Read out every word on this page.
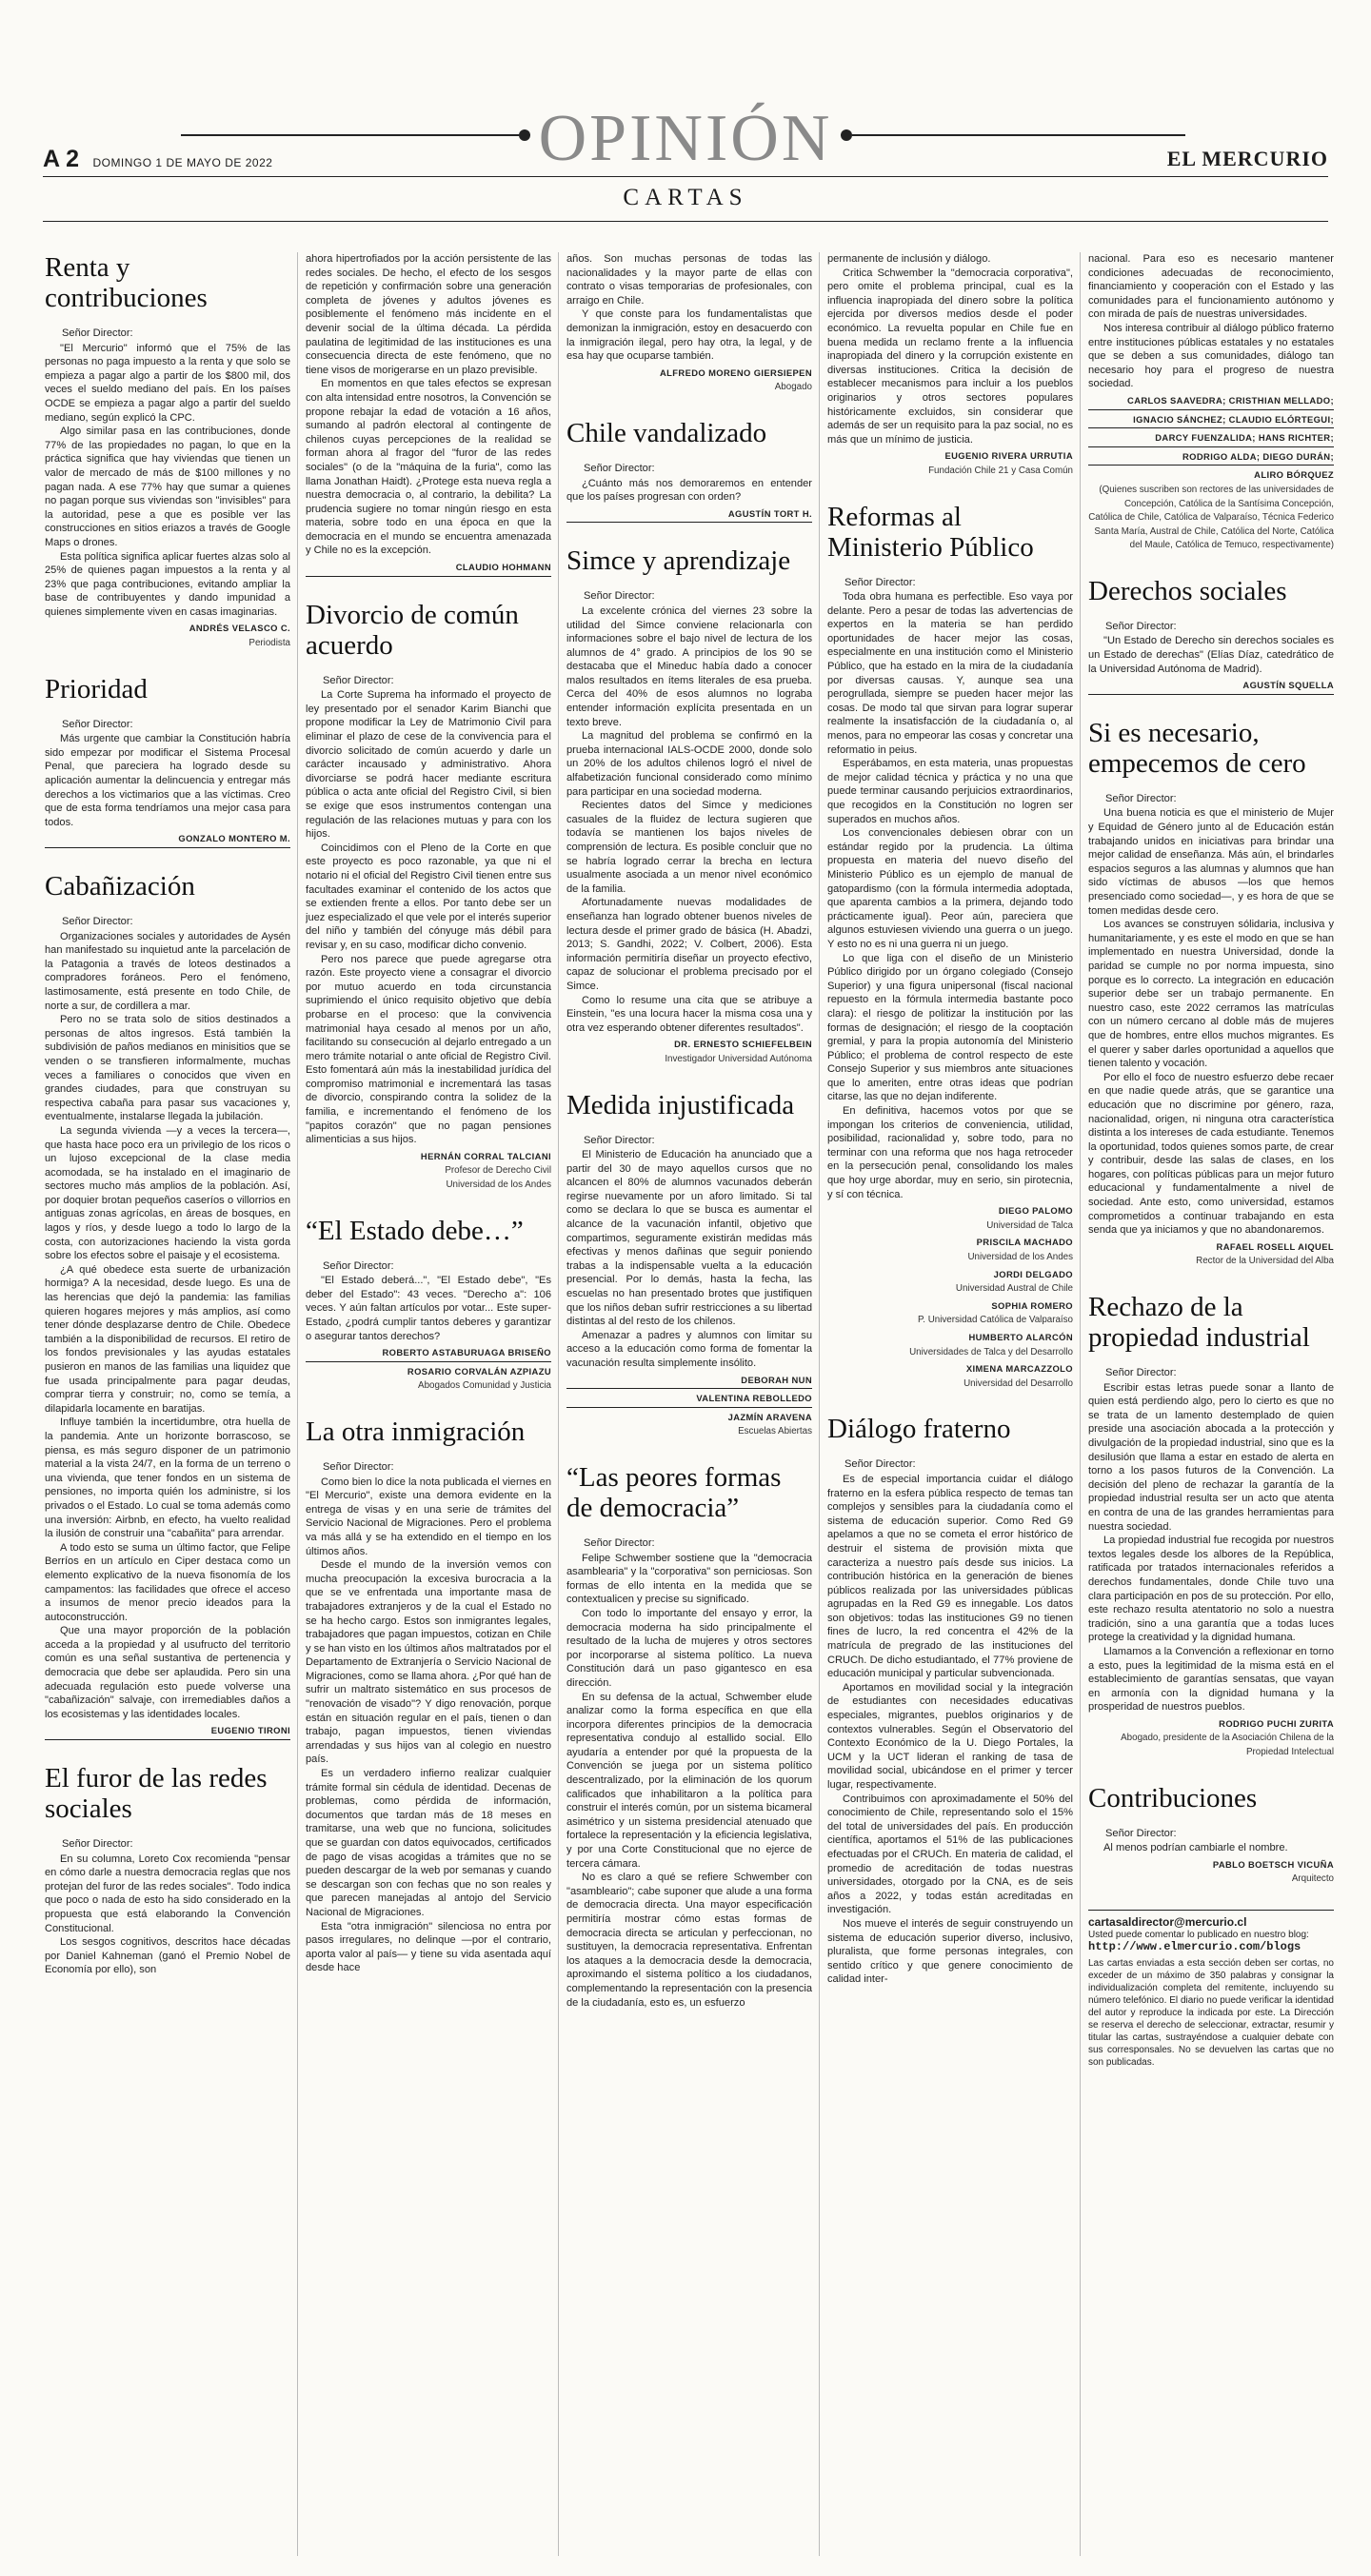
A 2 DOMINGO 1 DE MAYO DE 2022	OPINIÓN	EL MERCURIO
CARTAS
Renta y contribuciones

Señor Director:

"El Mercurio" informó que el 75% de las personas no paga impuesto a la renta y que solo se empieza a pagar algo a partir de los $800 mil, dos veces el sueldo mediano del país. En los países OCDE se empieza a pagar algo a partir del sueldo mediano, según explicó la CPC.

Algo similar pasa en las contribuciones, donde 77% de las propiedades no pagan, lo que en la práctica significa que hay viviendas que tienen un valor de mercado de más de $100 millones y no pagan nada. A ese 77% hay que sumar a quienes no pagan porque sus viviendas son "invisibles" para la autoridad, pese a que es posible ver las construcciones en sitios eriazos a través de Google Maps o drones.

Esta política significa aplicar fuertes alzas solo al 25% de quienes pagan impuestos a la renta y al 23% que paga contribuciones, evitando ampliar la base de contribuyentes y dando impunidad a quienes simplemente viven en casas imaginarias.

ANDRÉS VELASCO C.
Periodista
Prioridad

Señor Director:

Más urgente que cambiar la Constitución habría sido empezar por modificar el Sistema Procesal Penal, que pareciera ha logrado desde su aplicación aumentar la delincuencia y entregar más derechos a los victimarios que a las víctimas. Creo que de esta forma tendríamos una mejor casa para todos.

GONZALO MONTERO M.
Cabañización

Señor Director:

Organizaciones sociales y autoridades de Aysén han manifestado su inquietud ante la parcelación de la Patagonia a través de loteos destinados a compradores foráneos. Pero el fenómeno, lastimosamente, está presente en todo Chile, de norte a sur, de cordillera a mar.

Pero no se trata solo de sitios destinados a personas de altos ingresos. Está también la subdivisión de paños medianos en minisitios que se venden o se transfieren informalmente, muchas veces a familiares o conocidos que viven en grandes ciudades, para que construyan su respectiva cabaña para pasar sus vacaciones y, eventualmente, instalarse llegada la jubilación.

La segunda vivienda —y a veces la tercera—, que hasta hace poco era un privilegio de los ricos o un lujoso excepcional de la clase media acomodada, se ha instalado en el imaginario de sectores mucho más amplios de la población. Así, por doquier brotan pequeños caseríos o villorrios en antiguas zonas agrícolas, en áreas de bosques, en lagos y ríos, y desde luego a todo lo largo de la costa, con autorizaciones haciendo la vista gorda sobre los efectos sobre el paisaje y el ecosistema.

¿A qué obedece esta suerte de urbanización hormiga? A la necesidad, desde luego. Es una de las herencias que dejó la pandemia: las familias quieren hogares mejores y más amplios, así como tener dónde desplazarse dentro de Chile. Obedece también a la disponibilidad de recursos. El retiro de los fondos previsionales y las ayudas estatales pusieron en manos de las familias una liquidez que fue usada principalmente para pagar deudas, comprar tierra y construir; no, como se temía, a dilapidarla locamente en baratijas.

Influye también la incertidumbre, otra huella de la pandemia. Ante un horizonte borrascoso, se piensa, es más seguro disponer de un patrimonio material a la vista 24/7, en la forma de un terreno o una vivienda, que tener fondos en un sistema de pensiones, no importa quién los administre, si los privados o el Estado. Lo cual se toma además como una inversión: Airbnb, en efecto, ha vuelto realidad la ilusión de construir una "cabañita" para arrendar.

A todo esto se suma un último factor, que Felipe Berríos en un artículo en Ciper destaca como un elemento explicativo de la nueva fisonomía de los campamentos: las facilidades que ofrece el acceso a insumos de menor precio ideados para la autoconstrucción.

Que una mayor proporción de la población acceda a la propiedad y al usufructo del territorio común es una señal sustantiva de pertenencia y democracia que debe ser aplaudida. Pero sin una adecuada regulación esto puede volverse una "cabañización" salvaje, con irremediables daños a los ecosistemas y las identidades locales.

EUGENIO TIRONI
El furor de las redes sociales

Señor Director:

En su columna, Loreto Cox recomienda "pensar en cómo darle a nuestra democracia reglas que nos protejan del furor de las redes sociales". Todo indica que poco o nada de esto ha sido considerado en la propuesta que está elaborando la Convención Constitucional.

Los sesgos cognitivos, descritos hace décadas por Daniel Kahneman (ganó el Premio Nobel de Economía por ello), son

ahora hipertrofiados por la acción persistente de las redes sociales. De hecho, el efecto de los sesgos de repetición y confirmación sobre una generación completa de jóvenes y adultos jóvenes es posiblemente el fenómeno más incidente en el devenir social de la última década. La pérdida paulatina de legitimidad de las instituciones es una consecuencia directa de este fenómeno, que no tiene visos de morigerarse en un plazo previsible.

En momentos en que tales efectos se expresan con alta intensidad entre nosotros, la Convención se propone rebajar la edad de votación a 16 años, sumando al padrón electoral al contingente de chilenos cuyas percepciones de la realidad se forman ahora al fragor del "furor de las redes sociales" (o de la "máquina de la furia", como las llama Jonathan Haidt). ¿Protege esta nueva regla a nuestra democracia o, al contrario, la debilita? La prudencia sugiere no tomar ningún riesgo en esta materia, sobre todo en una época en que la democracia en el mundo se encuentra amenazada y Chile no es la excepción.

CLAUDIO HOHMANN
Divorcio de común acuerdo

Señor Director:

La Corte Suprema ha informado el proyecto de ley presentado por el senador Karim Bianchi que propone modificar la Ley de Matrimonio Civil para eliminar el plazo de cese de la convivencia para el divorcio solicitado de común acuerdo y darle un carácter incausado y administrativo. Ahora divorciarse se podrá hacer mediante escritura pública o acta ante oficial del Registro Civil, si bien se exige que esos instrumentos contengan una regulación de las relaciones mutuas y para con los hijos.

Coincidimos con el Pleno de la Corte en que este proyecto es poco razonable, ya que ni el notario ni el oficial del Registro Civil tienen entre sus facultades examinar el contenido de los actos que se extienden frente a ellos. Por tanto debe ser un juez especializado el que vele por el interés superior del niño y también del cónyuge más débil para revisar y, en su caso, modificar dicho convenio.

Pero nos parece que puede agregarse otra razón. Este proyecto viene a consagrar el divorcio por mutuo acuerdo en toda circunstancia suprimiendo el único requisito objetivo que debía probarse en el proceso: que la convivencia matrimonial haya cesado al menos por un año, facilitando su consecución al dejarlo entregado a un mero trámite notarial o ante oficial de Registro Civil. Esto fomentará aún más la inestabilidad jurídica del compromiso matrimonial e incrementará las tasas de divorcio, conspirando contra la solidez de la familia, e incrementando el fenómeno de los "papitos corazón" que no pagan pensiones alimenticias a sus hijos.

HERNÁN CORRAL TALCIANI
Profesor de Derecho Civil
Universidad de los Andes
“El Estado debe…”

Señor Director:

"El Estado deberá...", "El Estado debe", "Es deber del Estado": 43 veces. "Derecho a": 106 veces. Y aún faltan artículos por votar... Este super-Estado, ¿podrá cumplir tantos deberes y garantizar o asegurar tantos derechos?

ROBERTO ASTABURUAGA BRISEÑO
ROSARIO CORVALÁN AZPIAZU
Abogados Comunidad y Justicia
La otra inmigración

Señor Director:

Como bien lo dice la nota publicada el viernes en "El Mercurio", existe una demora evidente en la entrega de visas y en una serie de trámites del Servicio Nacional de Migraciones. Pero el problema va más allá y se ha extendido en el tiempo en los últimos años.

Desde el mundo de la inversión vemos con mucha preocupación la excesiva burocracia a la que se ve enfrentada una importante masa de trabajadores extranjeros y de la cual el Estado no se ha hecho cargo. Estos son inmigrantes legales, trabajadores que pagan impuestos, cotizan en Chile y se han visto en los últimos años maltratados por el Departamento de Extranjería o Servicio Nacional de Migraciones, como se llama ahora. ¿Por qué han de sufrir un maltrato sistemático en sus procesos de "renovación de visado"? Y digo renovación, porque están en situación regular en el país, tienen o dan trabajo, pagan impuestos, tienen viviendas arrendadas y sus hijos van al colegio en nuestro país.

Es un verdadero infierno realizar cualquier trámite formal sin cédula de identidad. Decenas de problemas, como pérdida de información, documentos que tardan más de 18 meses en tramitarse, una web que no funciona, solicitudes que se guardan con datos equivocados, certificados de pago de visas acogidas a trámites que no se pueden descargar de la web por semanas y cuando se descargan son con fechas que no son reales y que parecen manejadas al antojo del Servicio Nacional de Migraciones.

Esta "otra inmigración" silenciosa no entra por pasos irregulares, no delinque —por el contrario, aporta valor al país— y tiene su vida asentada aquí desde hace

años. Son muchas personas de todas las nacionalidades y la mayor parte de ellas con contrato o visas temporarias de profesionales, con arraigo en Chile.

Y que conste para los fundamentalistas que demonizan la inmigración, estoy en desacuerdo con la inmigración ilegal, pero hay otra, la legal, y de esa hay que ocuparse también.

ALFREDO MORENO GIERSIEPEN
Abogado
Chile vandalizado

Señor Director:

¿Cuánto más nos demoraremos en entender que los países progresan con orden?

AGUSTÍN TORT H.
Simce y aprendizaje

Señor Director:

La excelente crónica del viernes 23 sobre la utilidad del Simce conviene relacionarla con informaciones sobre el bajo nivel de lectura de los alumnos de 4° grado. A principios de los 90 se destacaba que el Mineduc había dado a conocer malos resultados en ítems literales de esa prueba. Cerca del 40% de esos alumnos no lograba entender información explícita presentada en un texto breve.

La magnitud del problema se confirmó en la prueba internacional IALS-OCDE 2000, donde solo un 20% de los adultos chilenos logró el nivel de alfabetización funcional considerado como mínimo para participar en una sociedad moderna.

Recientes datos del Simce y mediciones casuales de la fluidez de lectura sugieren que todavía se mantienen los bajos niveles de comprensión de lectura. Es posible concluir que no se habría logrado cerrar la brecha en lectura usualmente asociada a un menor nivel económico de la familia.

Afortunadamente nuevas modalidades de enseñanza han logrado obtener buenos niveles de lectura desde el primer grado de básica (H. Abadzi, 2013; S. Gandhi, 2022; V. Colbert, 2006). Esta información permitiría diseñar un proyecto efectivo, capaz de solucionar el problema precisado por el Simce.

Como lo resume una cita que se atribuye a Einstein, "es una locura hacer la misma cosa una y otra vez esperando obtener diferentes resultados".

DR. ERNESTO SCHIEFELBEIN
Investigador Universidad Autónoma
Medida injustificada

Señor Director:

El Ministerio de Educación ha anunciado que a partir del 30 de mayo aquellos cursos que no alcancen el 80% de alumnos vacunados deberán regirse nuevamente por un aforo limitado. Si tal como se declara lo que se busca es aumentar el alcance de la vacunación infantil, objetivo que compartimos, seguramente existirán medidas más efectivas y menos dañinas que seguir poniendo trabas a la indispensable vuelta a la educación presencial. Por lo demás, hasta la fecha, las escuelas no han presentado brotes que justifiquen que los niños deban sufrir restricciones a su libertad distintas al del resto de los chilenos.

Amenazar a padres y alumnos con limitar su acceso a la educación como forma de fomentar la vacunación resulta simplemente insólito.

DEBORAH NUN
VALENTINA REBOLLEDO
JAZMÍN ARAVENA
Escuelas Abiertas
“Las peores formas de democracia”

Señor Director:

Felipe Schwember sostiene que la "democracia asamblearia" y la "corporativa" son perniciosas. Son formas de ello intenta en la medida que se contextualicen y precise su significado.

Con todo lo importante del ensayo y error, la democracia moderna ha sido principalmente el resultado de la lucha de mujeres y otros sectores por incorporarse al sistema político. La nueva Constitución dará un paso gigantesco en esa dirección.

En su defensa de la actual, Schwember elude analizar como la forma específica en que ella incorpora diferentes principios de la democracia representativa condujo al estallido social. Ello ayudaría a entender por qué la propuesta de la Convención se juega por un sistema político descentralizado, por la eliminación de los quorum calificados que inhabilitaron a la política para construir el interés común, por un sistema bicameral asimétrico y un sistema presidencial atenuado que fortalece la representación y la eficiencia legislativa, y por una Corte Constitucional que no ejerce de tercera cámara.

No es claro a qué se refiere Schwember con "asambleario"; cabe suponer que alude a una forma de democracia directa. Una mayor especificación permitiría mostrar cómo estas formas de democracia directa se articulan y perfeccionan, no sustituyen, la democracia representativa. Enfrentan los ataques a la democracia desde la democracia, aproximando el sistema político a los ciudadanos, complementando la representación con la presencia de la ciudadanía, esto es, un esfuerzo

permanente de inclusión y diálogo.

Critica Schwember la "democracia corporativa", pero omite el problema principal, cual es la influencia inapropiada del dinero sobre la política ejercida por diversos medios desde el poder económico. La revuelta popular en Chile fue en buena medida un reclamo frente a la influencia inapropiada del dinero y la corrupción existente en diversas instituciones. Critica la decisión de establecer mecanismos para incluir a los pueblos originarios y otros sectores populares históricamente excluidos, sin considerar que además de ser un requisito para la paz social, no es más que un mínimo de justicia.

EUGENIO RIVERA URRUTIA
Fundación Chile 21 y Casa Común
Reformas al Ministerio Público

Señor Director:

Toda obra humana es perfectible. Eso vaya por delante. Pero a pesar de todas las advertencias de expertos en la materia se han perdido oportunidades de hacer mejor las cosas, especialmente en una institución como el Ministerio Público, que ha estado en la mira de la ciudadanía por diversas causas. Y, aunque sea una perogrullada, siempre se pueden hacer mejor las cosas. De modo tal que sirvan para lograr superar realmente la insatisfacción de la ciudadanía o, al menos, para no empeorar las cosas y concretar una reformatio in peius.

Esperábamos, en esta materia, unas propuestas de mejor calidad técnica y práctica y no una que puede terminar causando perjuicios extraordinarios, que recogidos en la Constitución no logren ser superados en muchos años.

Los convencionales debiesen obrar con un estándar regido por la prudencia. La última propuesta en materia del nuevo diseño del Ministerio Público es un ejemplo de manual de gatopardismo (con la fórmula intermedia adoptada, que aparenta cambios a la primera, dejando todo prácticamente igual). Peor aún, pareciera que algunos estuviesen viviendo una guerra o un juego. Y esto no es ni una guerra ni un juego.

Lo que liga con el diseño de un Ministerio Público dirigido por un órgano colegiado (Consejo Superior) y una figura unipersonal (fiscal nacional repuesto en la fórmula intermedia bastante poco clara): el riesgo de politizar la institución por las formas de designación; el riesgo de la cooptación gremial, y para la propia autonomía del Ministerio Público; el problema de control respecto de este Consejo Superior y sus miembros ante situaciones que lo ameriten, entre otras ideas que podrían citarse, las que no dejan indiferente.

En definitiva, hacemos votos por que se impongan los criterios de conveniencia, utilidad, posibilidad, racionalidad y, sobre todo, para no terminar con una reforma que nos haga retroceder en la persecución penal, consolidando los males que hoy urge abordar, muy en serio, sin pirotecnia, y sí con técnica.

DIEGO PALOMO
Universidad de Talca
PRISCILA MACHADO
Universidad de los Andes
JORDI DELGADO
Universidad Austral de Chile
SOPHIA ROMERO
P. Universidad Católica de Valparaíso
HUMBERTO ALARCÓN
Universidades de Talca y del Desarrollo
XIMENA MARCAZZOLO
Universidad del Desarrollo
Diálogo fraterno

Señor Director:

Es de especial importancia cuidar el diálogo fraterno en la esfera pública respecto de temas tan complejos y sensibles para la ciudadanía como el sistema de educación superior. Como Red G9 apelamos a que no se cometa el error histórico de destruir el sistema de provisión mixta que caracteriza a nuestro país desde sus inicios. La contribución histórica en la generación de bienes públicos realizada por las universidades públicas agrupadas en la Red G9 es innegable. Los datos son objetivos: todas las instituciones G9 no tienen fines de lucro, la red concentra el 42% de la matrícula de pregrado de las instituciones del CRUCh. De dicho estudiantado, el 77% proviene de educación municipal y particular subvencionada.

Aportamos en movilidad social y la integración de estudiantes con necesidades educativas especiales, migrantes, pueblos originarios y de contextos vulnerables. Según el Observatorio del Contexto Económico de la U. Diego Portales, la UCM y la UCT lideran el ranking de tasa de movilidad social, ubicándose en el primer y tercer lugar, respectivamente.

Contribuimos con aproximadamente el 50% del conocimiento de Chile, representando solo el 15% del total de universidades del país. En producción científica, aportamos el 51% de las publicaciones efectuadas por el CRUCh. En materia de calidad, el promedio de acreditación de todas nuestras universidades, otorgado por la CNA, es de seis años a 2022, y todas están acreditadas en investigación.

Nos mueve el interés de seguir construyendo un sistema de educación superior diverso, inclusivo, pluralista, que forme personas integrales, con sentido crítico y que genere conocimiento de calidad inter-

nacional. Para eso es necesario mantener condiciones adecuadas de reconocimiento, financiamiento y cooperación con el Estado y las comunidades para el funcionamiento autónomo y con mirada de país de nuestras universidades.

Nos interesa contribuir al diálogo público fraterno entre instituciones públicas estatales y no estatales que se deben a sus comunidades, diálogo tan necesario hoy para el progreso de nuestra sociedad.

CARLOS SAAVEDRA; CRISTHIAN MELLADO;
IGNACIO SÁNCHEZ; CLAUDIO ELÓRTEGUI;
DARCY FUENZALIDA; HANS RICHTER;
RODRIGO ALDA; DIEGO DURÁN;
ALIRO BÓRQUEZ
(Quienes suscriben son rectores de las universidades de Concepción, Católica de la Santísima Concepción, Católica de Chile, Católica de Valparaíso, Técnica Federico Santa María, Austral de Chile, Católica del Norte, Católica del Maule, Católica de Temuco, respectivamente)
Derechos sociales

Señor Director:

"Un Estado de Derecho sin derechos sociales es un Estado de derechas" (Elías Díaz, catedrático de la Universidad Autónoma de Madrid).

AGUSTÍN SQUELLA
Si es necesario, empecemos de cero

Señor Director:

Una buena noticia es que el ministerio de Mujer y Equidad de Género junto al de Educación están trabajando unidos en iniciativas para brindar una mejor calidad de enseñanza. Más aún, el brindarles espacios seguros a las alumnas y alumnos que han sido víctimas de abusos —los que hemos presenciado como sociedad—, y es hora de que se tomen medidas desde cero.

Los avances se construyen sólidaria, inclusiva y humanitariamente, y es este el modo en que se han implementado en nuestra Universidad, donde la paridad se cumple no por norma impuesta, sino porque es lo correcto. La integración en educación superior debe ser un trabajo permanente. En nuestro caso, este 2022 cerramos las matrículas con un número cercano al doble más de mujeres que de hombres, entre ellos muchos migrantes. Es el querer y saber darles oportunidad a aquellos que tienen talento y vocación.

Por ello el foco de nuestro esfuerzo debe recaer en que nadie quede atrás, que se garantice una educación que no discrimine por género, raza, nacionalidad, origen, ni ninguna otra característica distinta a los intereses de cada estudiante. Tenemos la oportunidad, todos quienes somos parte, de crear y contribuir, desde las salas de clases, en los hogares, con políticas públicas para un mejor futuro educacional y fundamentalmente a nivel de sociedad. Ante esto, como universidad, estamos comprometidos a continuar trabajando en esta senda que ya iniciamos y que no abandonaremos.

RAFAEL ROSELL AIQUEL
Rector de la Universidad del Alba
Rechazo de la propiedad industrial

Señor Director:

Escribir estas letras puede sonar a llanto de quien está perdiendo algo, pero lo cierto es que no se trata de un lamento destemplado de quien preside una asociación abocada a la protección y divulgación de la propiedad industrial, sino que es la desilusión que llama a estar en estado de alerta en torno a los pasos futuros de la Convención. La decisión del pleno de rechazar la garantía de la propiedad industrial resulta ser un acto que atenta en contra de una de las grandes herramientas para nuestra sociedad.

La propiedad industrial fue recogida por nuestros textos legales desde los albores de la República, ratificada por tratados internacionales referidos a derechos fundamentales, donde Chile tuvo una clara participación en pos de su protección. Por ello, este rechazo resulta atentatorio no solo a nuestra tradición, sino a una garantía que a todas luces protege la creatividad y la dignidad humana.

Llamamos a la Convención a reflexionar en torno a esto, pues la legitimidad de la misma está en el establecimiento de garantías sensatas, que vayan en armonía con la dignidad humana y la prosperidad de nuestros pueblos.

RODRIGO PUCHI ZURITA
Abogado, presidente de la Asociación Chilena de la Propiedad Intelectual
Contribuciones

Señor Director:

Al menos podrían cambiarle el nombre.

PABLO BOETSCH VICUÑA
Arquitecto
cartasaldirector@mercurio.cl
Usted puede comentar lo publicado en nuestro blog:
http://www.elmercurio.com/blogs

Las cartas enviadas a esta sección deben ser cortas, no exceder de un máximo de 350 palabras y consignar la individualización completa del remitente, incluyendo su número telefónico. El diario no puede verificar la identidad del autor y reproduce la indicada por este. La Dirección se reserva el derecho de seleccionar, extractar, resumir y titular las cartas, sustrayéndose a cualquier debate con sus corresponsales. No se devuelven las cartas que no son publicadas.
